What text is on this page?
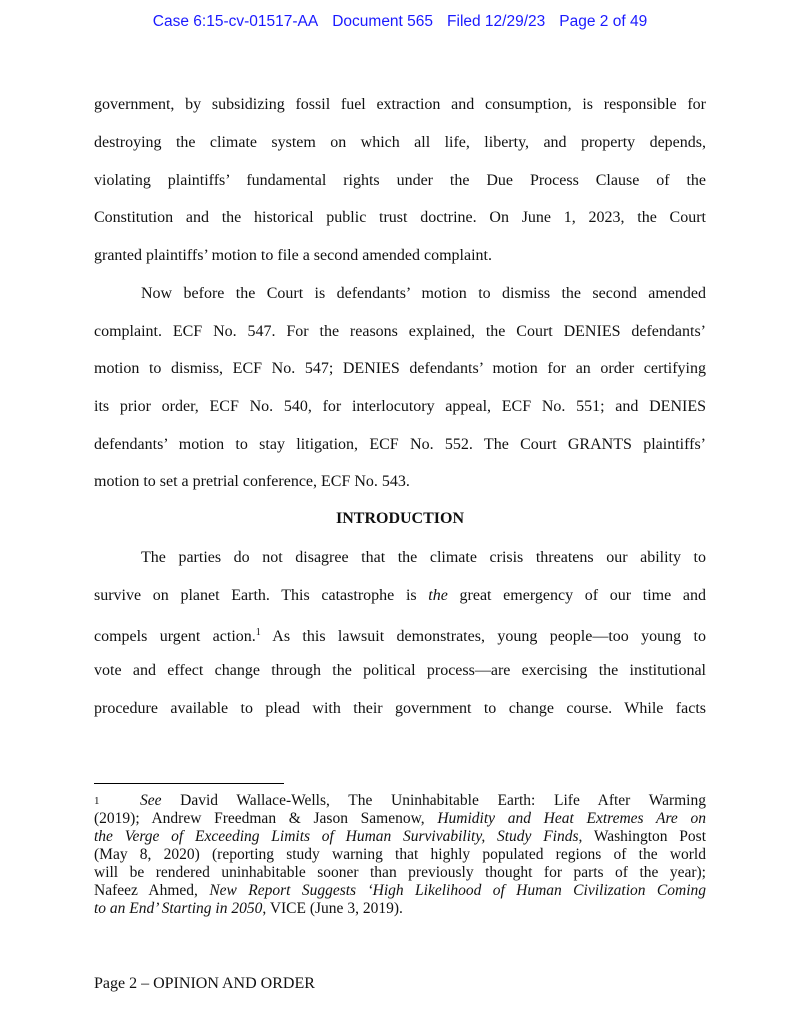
Case 6:15-cv-01517-AA Document 565 Filed 12/29/23 Page 2 of 49
government, by subsidizing fossil fuel extraction and consumption, is responsible for
destroying the climate system on which all life, liberty, and property depends,
violating plaintiffs’ fundamental rights under the Due Process Clause of the
Constitution and the historical public trust doctrine. On June 1, 2023, the Court
granted plaintiffs’ motion to file a second amended complaint.
Now before the Court is defendants’ motion to dismiss the second amended
complaint. ECF No. 547. For the reasons explained, the Court DENIES defendants’
motion to dismiss, ECF No. 547; DENIES defendants’ motion for an order certifying
its prior order, ECF No. 540, for interlocutory appeal, ECF No. 551; and DENIES
defendants’ motion to stay litigation, ECF No. 552. The Court GRANTS plaintiffs’
motion to set a pretrial conference, ECF No. 543.
INTRODUCTION
The parties do not disagree that the climate crisis threatens our ability to
survive on planet Earth. This catastrophe is the great emergency of our time and
compels urgent action.$^1$ As this lawsuit demonstrates, young people—too young to
vote and effect change through the political process—are exercising the institutional
procedure available to plead with their government to change course. While facts
1	See David Wallace-Wells, The Uninhabitable Earth: Life After Warming
(2019); Andrew Freedman & Jason Samenow, Humidity and Heat Extremes Are on
the Verge of Exceeding Limits of Human Survivability, Study Finds, Washington Post
(May 8, 2020) (reporting study warning that highly populated regions of the world
will be rendered uninhabitable sooner than previously thought for parts of the year);
Nafeez Ahmed, New Report Suggests ‘High Likelihood of Human Civilization Coming
to an End’ Starting in 2050, VICE (June 3, 2019).
Page 2 – OPINION AND ORDER
